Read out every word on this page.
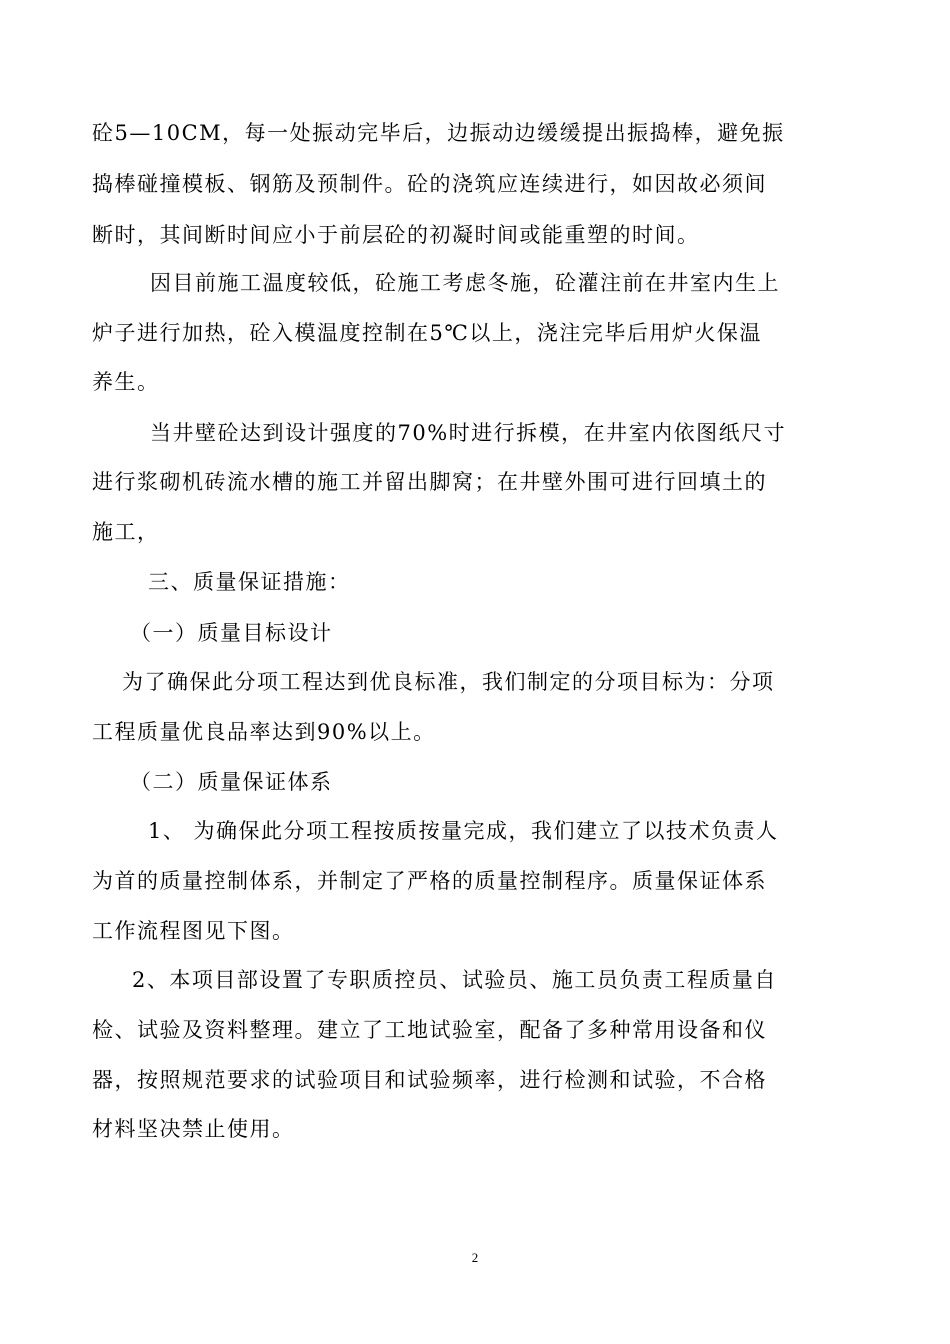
砼5—10CM，每一处振动完毕后，边振动边缓缓提出振捣棒，避免振
捣棒碰撞模板、钢筋及预制件。砼的浇筑应连续进行，如因故必须间
断时，其间断时间应小于前层砼的初凝时间或能重塑的时间。
因目前施工温度较低，砼施工考虑冬施，砼灌注前在井室内生上
炉子进行加热，砼入模温度控制在5℃以上，浇注完毕后用炉火保温
养生。
当井壁砼达到设计强度的70%时进行拆模，在井室内依图纸尺寸
进行浆砌机砖流水槽的施工并留出脚窝；在井壁外围可进行回填土的
施工，
三、质量保证措施：
（一）质量目标设计
为了确保此分项工程达到优良标准，我们制定的分项目标为：分项
工程质量优良品率达到90%以上。
（二）质量保证体系
1、 为确保此分项工程按质按量完成，我们建立了以技术负责人
为首的质量控制体系，并制定了严格的质量控制程序。质量保证体系
工作流程图见下图。
2、本项目部设置了专职质控员、试验员、施工员负责工程质量自
检、试验及资料整理。建立了工地试验室，配备了多种常用设备和仪
器，按照规范要求的试验项目和试验频率，进行检测和试验，不合格
材料坚决禁止使用。
2
